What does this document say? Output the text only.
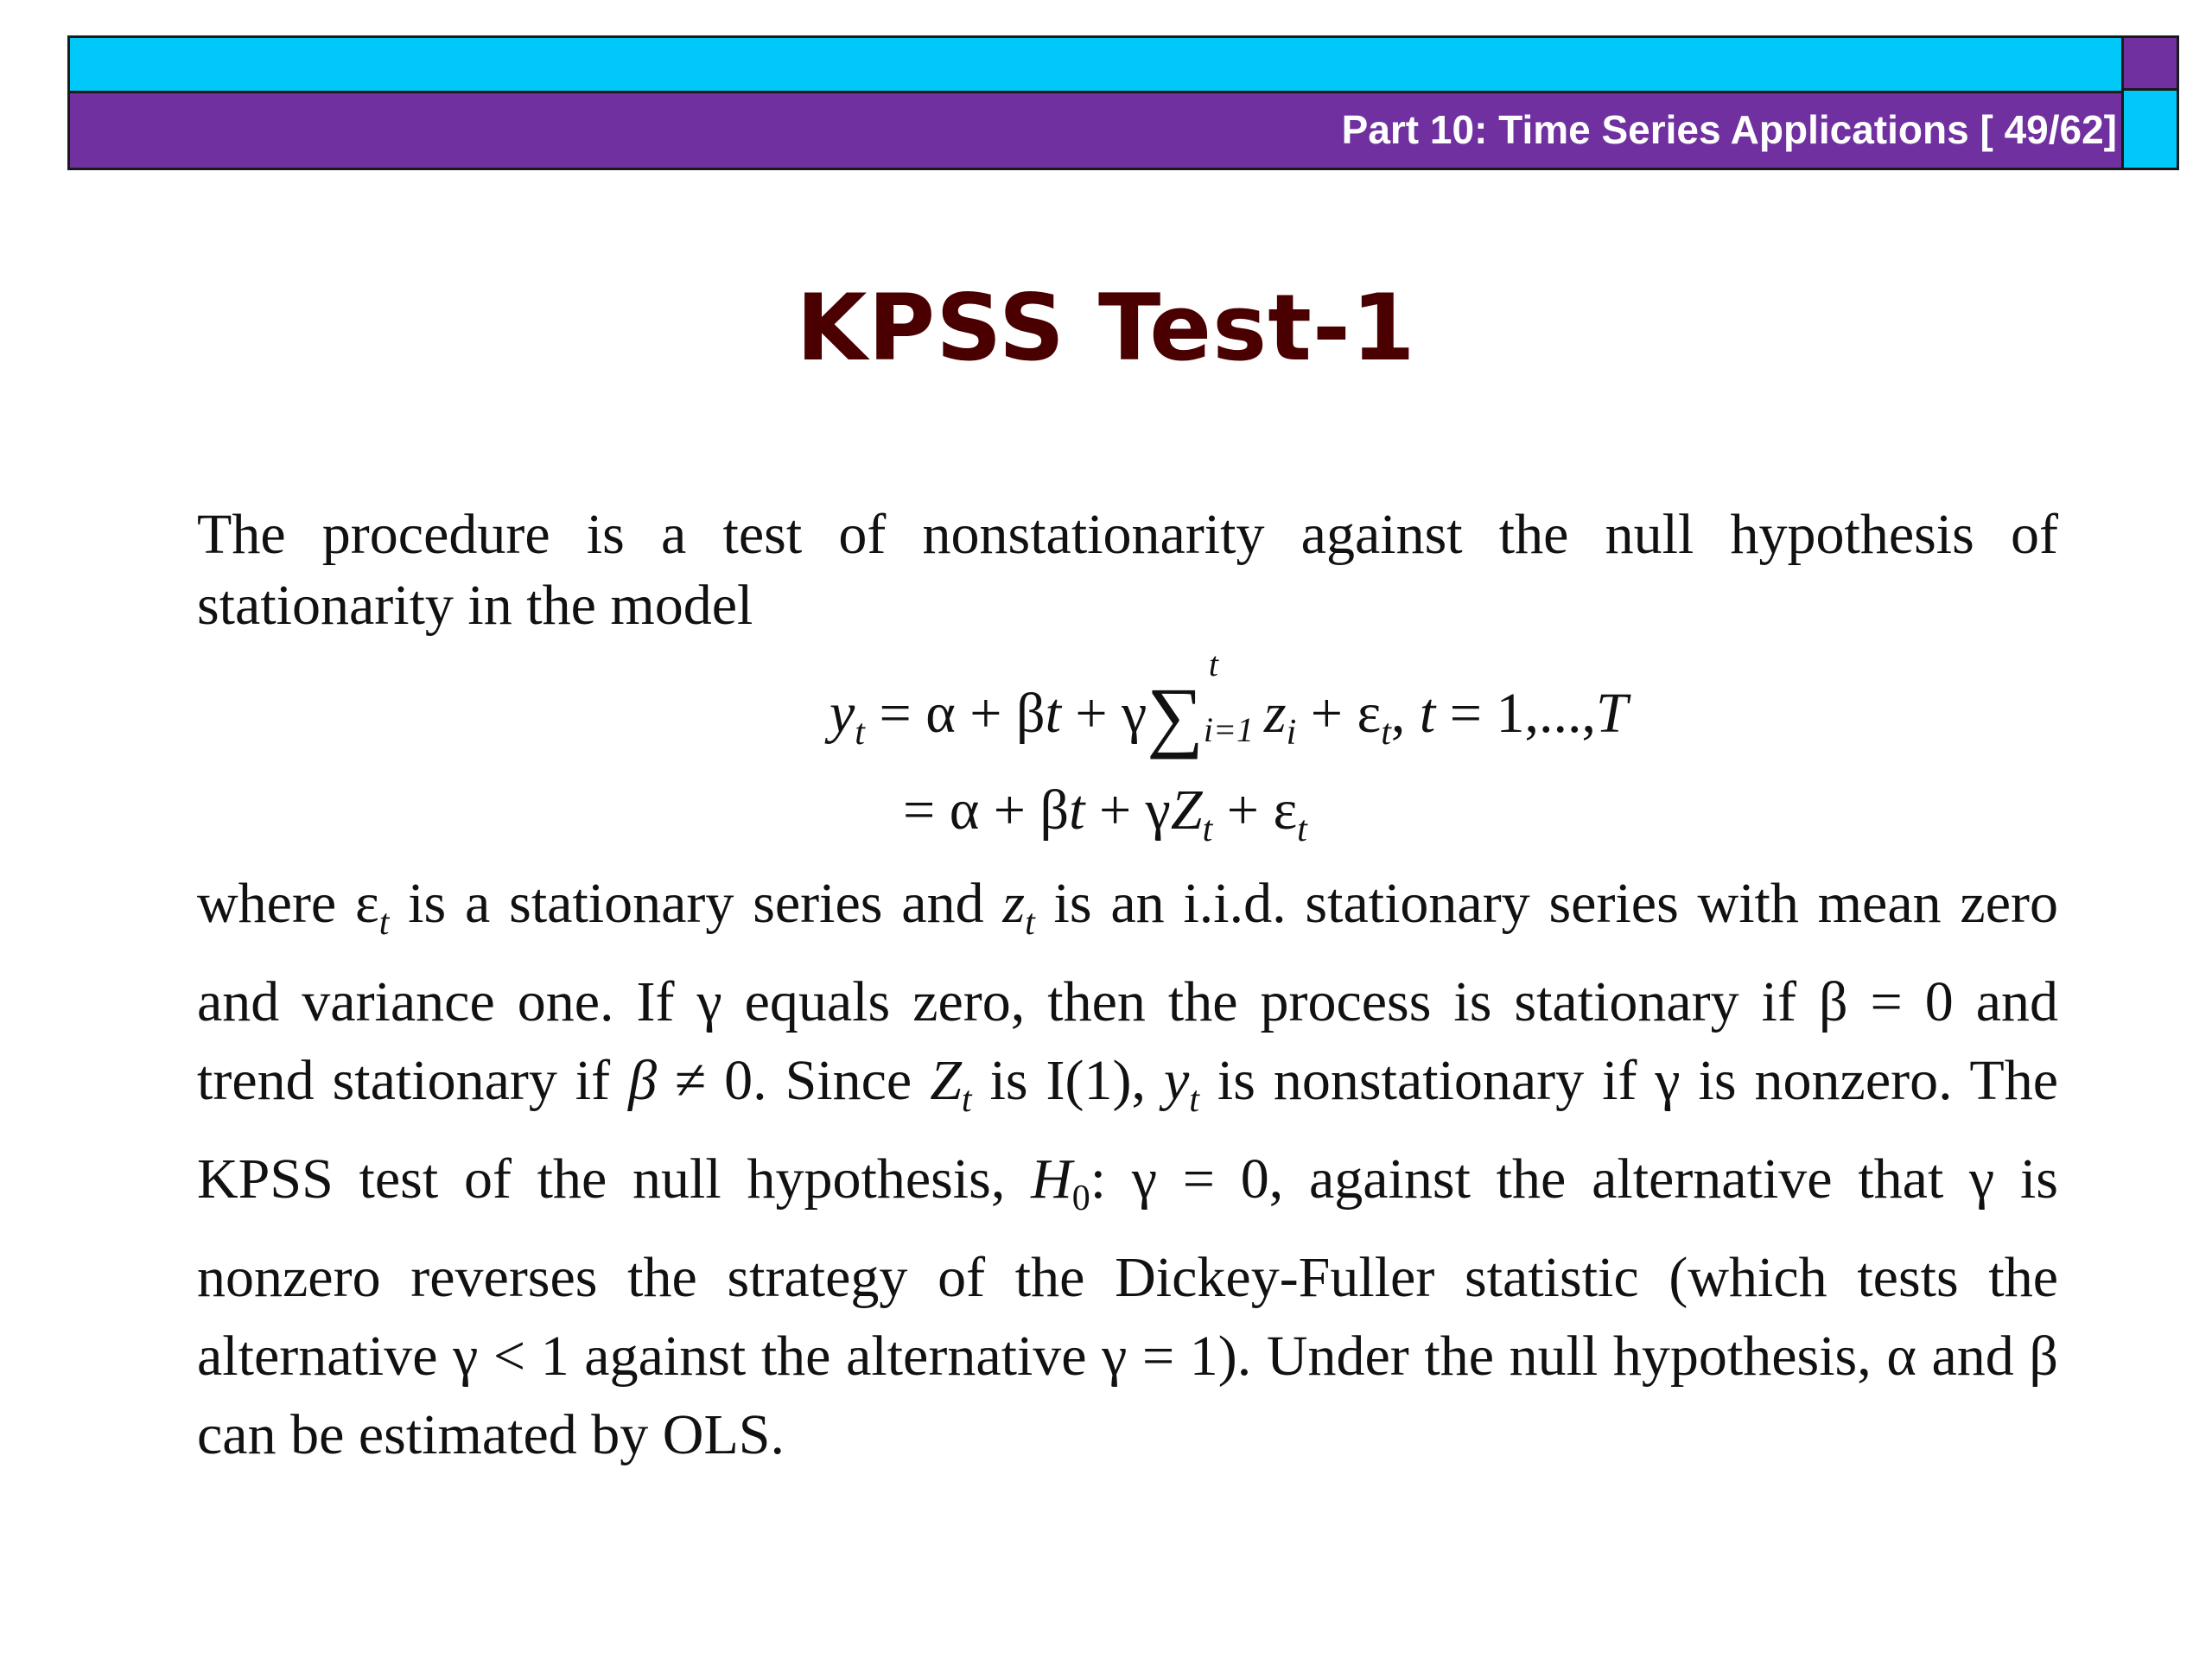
Part 10: Time Series Applications [ 49/62]
KPSS Test-1
The procedure is a test of nonstationarity against the null hypothesis of stationarity in the model
$y_t = \alpha + \beta t + \gamma\sum$
t
i=1 $z_i + \varepsilon_t$, t = 1,...,T
= $\alpha + \beta t + \gamma Z_t + \varepsilon_t$
where $\varepsilon_t$ is a stationary series and $z_t$ is an i.i.d. stationary series with mean zero and variance one. If γ equals zero, then the process is stationary if β = 0 and trend stationary if β ≠ 0. Since $Z_t$ is I(1), $y_t$ is nonstationary if γ is nonzero. The KPSS test of the null hypothesis, $H_0$: γ = 0, against the alternative that γ is nonzero reverses the strategy of the Dickey-Fuller statistic (which tests the alternative γ < 1 against the alternative γ = 1). Under the null hypothesis, α and β can be estimated by OLS.
